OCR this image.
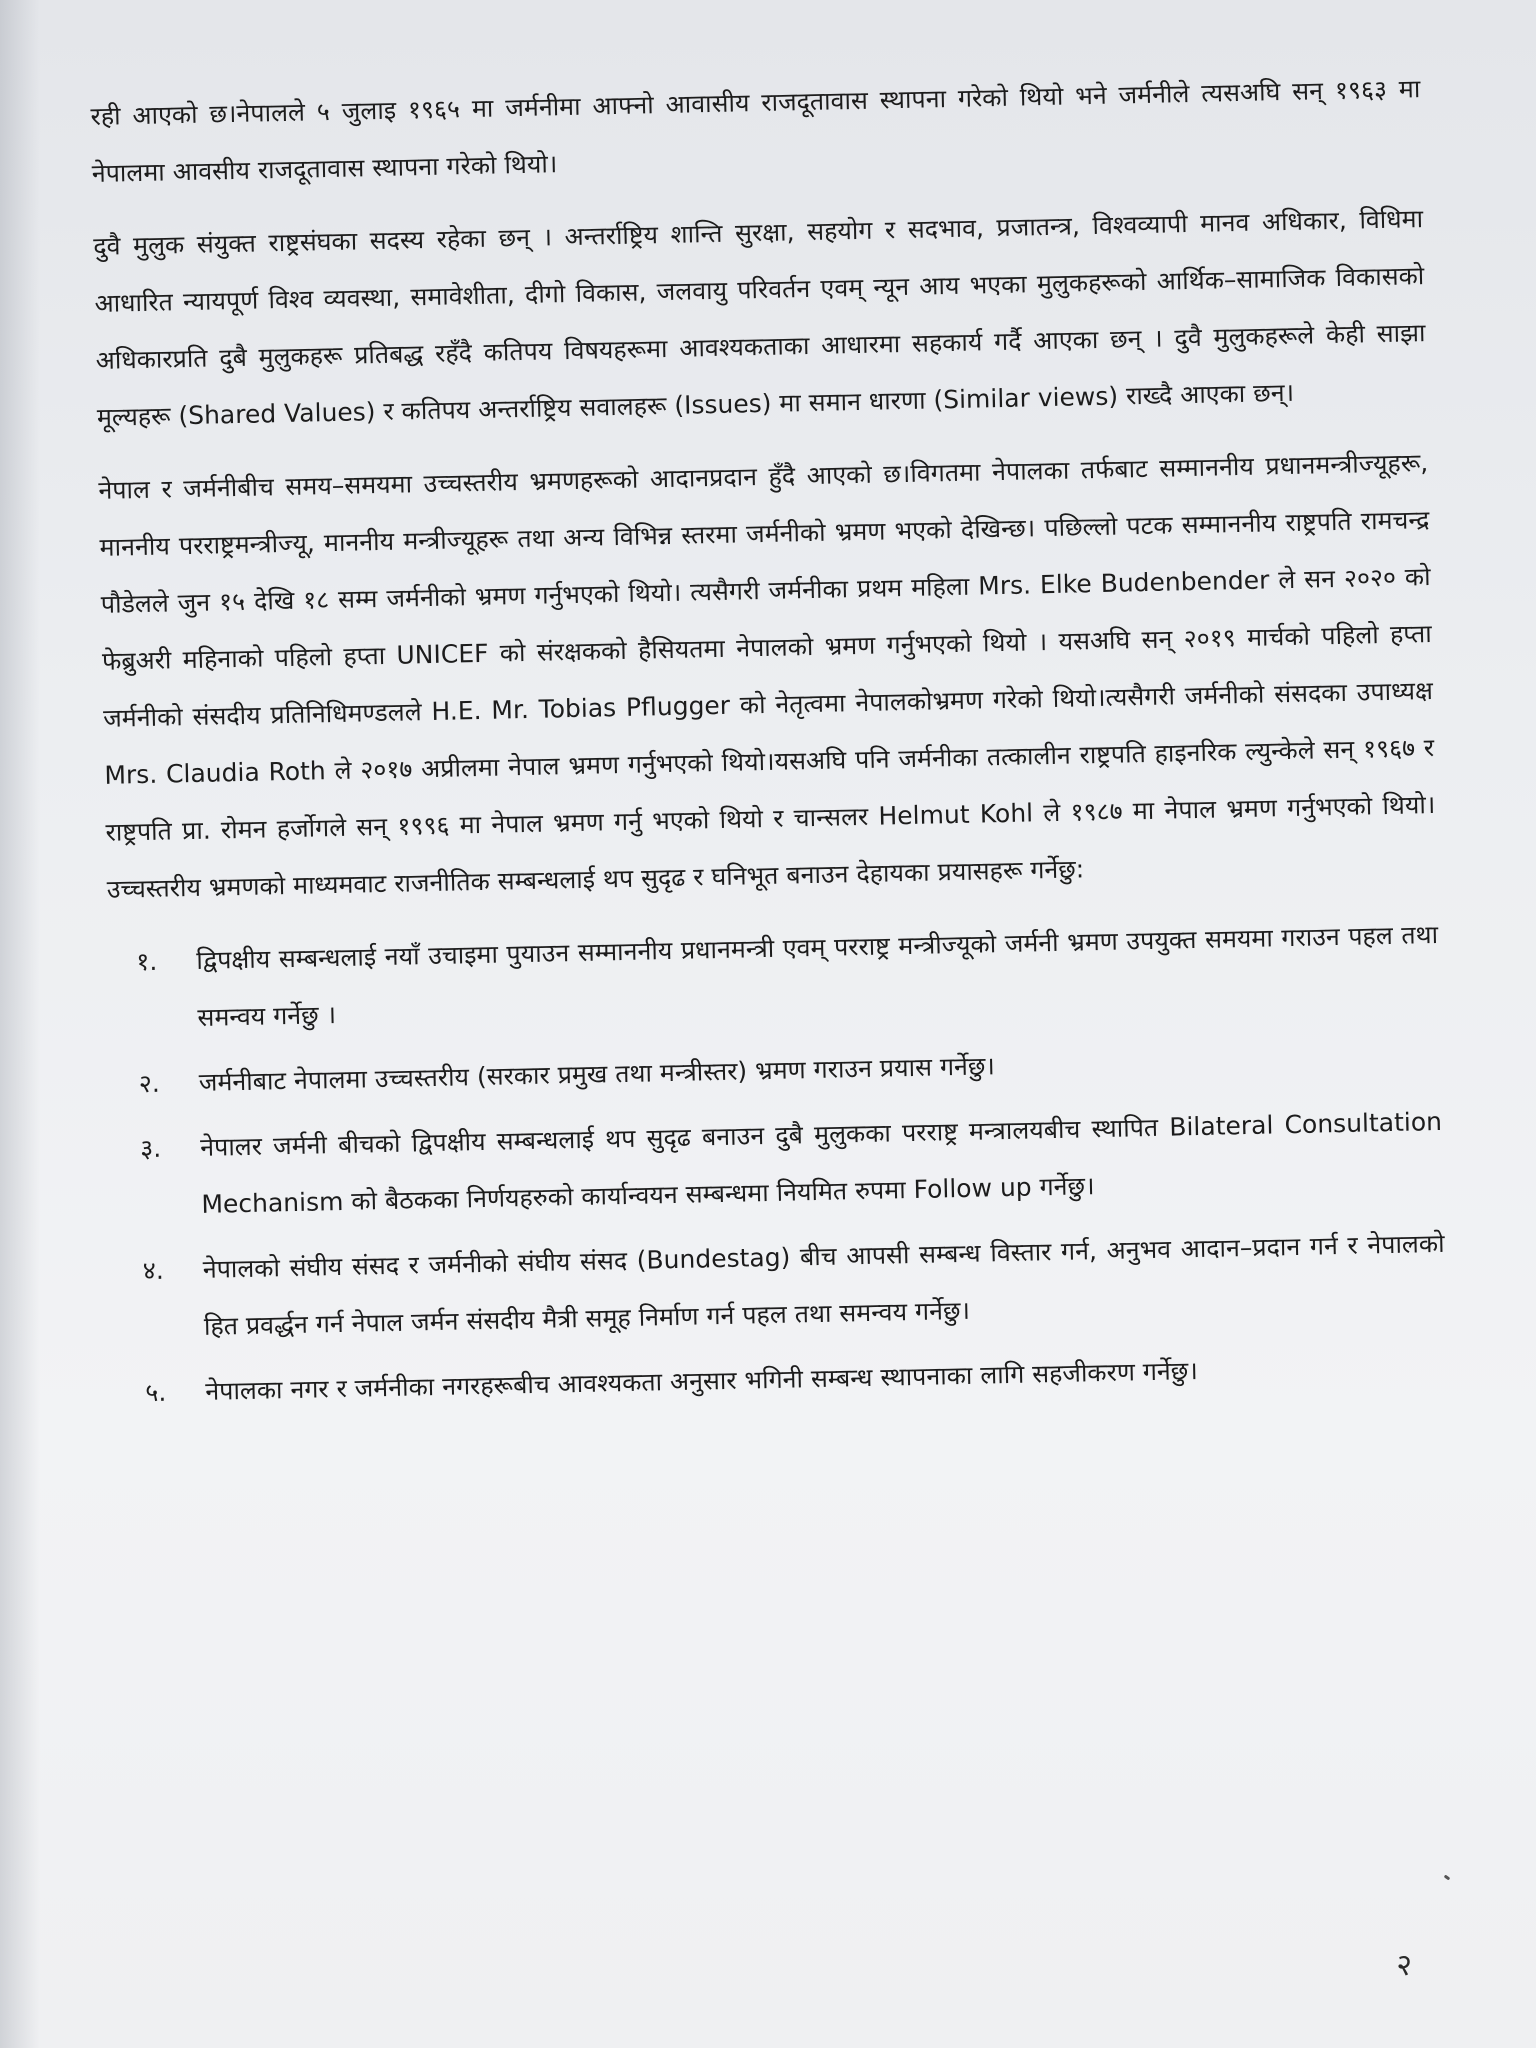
रही आएको छ।नेपालले ५ जुलाइ १९६५ मा जर्मनीमा आफ्नो आवासीय राजदूतावास स्थापना गरेको थियो भने जर्मनीले त्यसअघि सन् १९६३ मा नेपालमा आवसीय राजदूतावास स्थापना गरेको थियो।

दुवै मुलुक संयुक्त राष्ट्रसंघका सदस्य रहेका छन् । अन्तर्राष्ट्रिय शान्ति सुरक्षा, सहयोग र सदभाव, प्रजातन्त्र, विश्वव्यापी मानव अधिकार, विधिमा आधारित न्यायपूर्ण विश्व व्यवस्था, समावेशीता, दीगो विकास, जलवायु परिवर्तन एवम् न्यून आय भएका मुलुकहरूको आर्थिक–सामाजिक विकासको अधिकारप्रति दुबै मुलुकहरू प्रतिबद्ध रहँदै कतिपय विषयहरूमा आवश्यकताका आधारमा सहकार्य गर्दै आएका छन् । दुवै मुलुकहरूले केही साझा मूल्यहरू (Shared Values) र कतिपय अन्तर्राष्ट्रिय सवालहरू (Issues) मा समान धारणा (Similar views) राख्दै आएका छन्।

नेपाल र जर्मनीबीच समय–समयमा उच्चस्तरीय भ्रमणहरूको आदानप्रदान हुँदै आएको छ।विगतमा नेपालका तर्फबाट सम्माननीय प्रधानमन्त्रीज्यूहरू, माननीय परराष्ट्रमन्त्रीज्यू, माननीय मन्त्रीज्यूहरू तथा अन्य विभिन्न स्तरमा जर्मनीको भ्रमण भएको देखिन्छ। पछिल्लो पटक सम्माननीय राष्ट्रपति रामचन्द्र पौडेलले जुन १५ देखि १८ सम्म जर्मनीको भ्रमण गर्नुभएको थियो। त्यसैगरी जर्मनीका प्रथम महिला Mrs. Elke Budenbender ले सन २०२० को फेब्रुअरी महिनाको पहिलो हप्ता UNICEF को संरक्षकको हैसियतमा नेपालको भ्रमण गर्नुभएको थियो । यसअघि सन् २०१९ मार्चको पहिलो हप्ता जर्मनीको संसदीय प्रतिनिधिमण्डलले H.E. Mr. Tobias Pflugger को नेतृत्वमा नेपालकोभ्रमण गरेको थियो।त्यसैगरी जर्मनीको संसदका उपाध्यक्ष Mrs. Claudia Roth ले २०१७ अप्रीलमा नेपाल भ्रमण गर्नुभएको थियो।यसअघि पनि जर्मनीका तत्कालीन राष्ट्रपति हाइनरिक ल्युन्केले सन् १९६७ र राष्ट्रपति प्रा. रोमन हर्जोगले सन् १९९६ मा नेपाल भ्रमण गर्नु भएको थियो र चान्सलर Helmut Kohl ले १९८७ मा नेपाल भ्रमण गर्नुभएको थियो।उच्चस्तरीय भ्रमणको माध्यमवाट राजनीतिक सम्बन्धलाई थप सुदृढ र घनिभूत बनाउन देहायका प्रयासहरू गर्नेछु:

१.	द्विपक्षीय सम्बन्धलाई नयाँ उचाइमा पुयाउन सम्माननीय प्रधानमन्त्री एवम् परराष्ट्र मन्त्रीज्यूको जर्मनी भ्रमण उपयुक्त समयमा गराउन पहल तथा समन्वय गर्नेछु ।
२.	जर्मनीबाट नेपालमा उच्चस्तरीय (सरकार प्रमुख तथा मन्त्रीस्तर) भ्रमण गराउन प्रयास गर्नेछु।
३.	नेपालर जर्मनी बीचको द्विपक्षीय सम्बन्धलाई थप सुदृढ बनाउन दुबै मुलुकका परराष्ट्र मन्त्रालयबीच स्थापित Bilateral Consultation Mechanism को बैठकका निर्णयहरुको कार्यान्वयन सम्बन्धमा नियमित रुपमा Follow up गर्नेछु।
४.	नेपालको संघीय संसद र जर्मनीको संघीय संसद (Bundestag) बीच आपसी सम्बन्ध विस्तार गर्न, अनुभव आदान–प्रदान गर्न र नेपालको हित प्रवर्द्धन गर्न नेपाल जर्मन संसदीय मैत्री समूह निर्माण गर्न पहल तथा समन्वय गर्नेछु।
५.	नेपालका नगर र जर्मनीका नगरहरूबीच आवश्यकता अनुसार भगिनी सम्बन्ध स्थापनाका लागि सहजीकरण गर्नेछु।
२
